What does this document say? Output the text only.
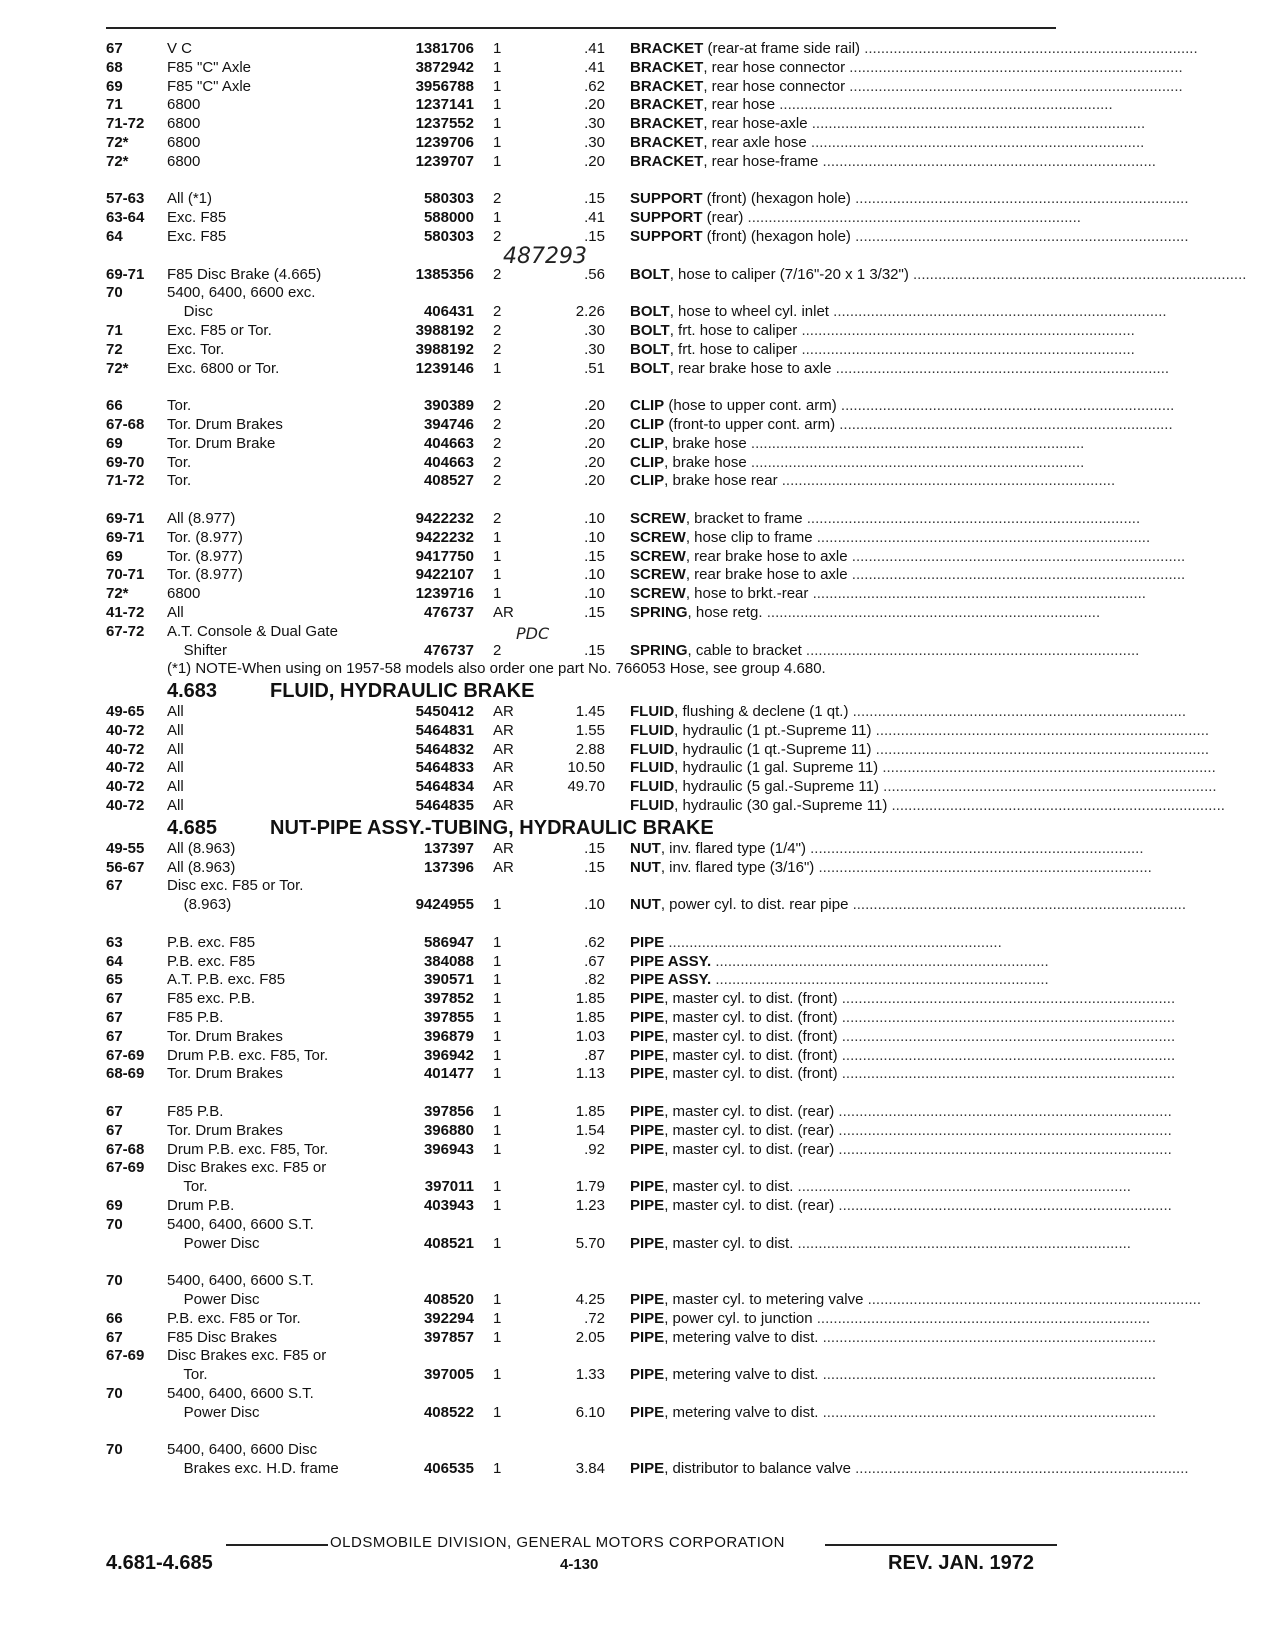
67	V C	1381706 1	.41 BRACKET (rear-at frame side rail) ................................................................................
68	F85 "C" Axle	3872942 1	.41 BRACKET, rear hose connector ................................................................................
69	F85 "C" Axle	3956788 1	.62 BRACKET, rear hose connector ................................................................................
71	6800	1237141 1	.20 BRACKET, rear hose ................................................................................
71-72 6800	1237552 1	.30 BRACKET, rear hose-axle ................................................................................
72*	6800	1239706 1	.30 BRACKET, rear axle hose ................................................................................
72*	6800	1239707 1	.20 BRACKET, rear hose-frame ................................................................................
57-63 All (*1)	580303 2	.15 SUPPORT (front) (hexagon hole) ................................................................................
63-64 Exc. F85	588000 1	.41 SUPPORT (rear) ................................................................................
64	Exc. F85	580303 2	.15 SUPPORT (front) (hexagon hole) ................................................................................
69-71 F85 Disc Brake (4.665)	1385356 2	.56 BOLT, hose to caliper (7/16"-20 x 1 3/32") ................................................................................
70	5400, 6400, 6600 exc.
Disc	406431 2	2.26 BOLT, hose to wheel cyl. inlet ................................................................................
71	Exc. F85 or Tor.	3988192 2	.30 BOLT, frt. hose to caliper ................................................................................
72	Exc. Tor.	3988192 2	.30 BOLT, frt. hose to caliper ................................................................................
72*	Exc. 6800 or Tor.	1239146 1	.51 BOLT, rear brake hose to axle ................................................................................
66	Tor.	390389 2	.20 CLIP (hose to upper cont. arm) ................................................................................
67-68 Tor. Drum Brakes	394746 2	.20 CLIP (front-to upper cont. arm) ................................................................................
69	Tor. Drum Brake	404663 2	.20 CLIP, brake hose ................................................................................
69-70 Tor.	404663 2	.20 CLIP, brake hose ................................................................................
71-72 Tor.	408527 2	.20 CLIP, brake hose rear ................................................................................
69-71 All (8.977)	9422232 2	.10 SCREW, bracket to frame ................................................................................
69-71 Tor. (8.977)	9422232 1	.10 SCREW, hose clip to frame ................................................................................
69	Tor. (8.977)	9417750 1	.15 SCREW, rear brake hose to axle ................................................................................
70-71 Tor. (8.977)	9422107 1	.10 SCREW, rear brake hose to axle ................................................................................
72*	6800	1239716 1	.10 SCREW, hose to brkt.-rear ................................................................................
41-72 All	476737 AR	.15 SPRING, hose retg. ................................................................................
67-72 A.T. Console & Dual Gate
Shifter	476737 2	.15 SPRING, cable to bracket ................................................................................
(*1) NOTE-When using on 1957-58 models also order one part No. 766053 Hose, see group 4.680.
4.683	FLUID, HYDRAULIC BRAKE
49-65 All	5450412 AR	1.45 FLUID, flushing & declene (1 qt.) ................................................................................
40-72 All	5464831 AR	1.55 FLUID, hydraulic (1 pt.-Supreme 11) ................................................................................
40-72 All	5464832 AR	2.88 FLUID, hydraulic (1 qt.-Supreme 11) ................................................................................
40-72 All	5464833 AR	10.50 FLUID, hydraulic (1 gal. Supreme 11) ................................................................................
40-72 All	5464834 AR	49.70 FLUID, hydraulic (5 gal.-Supreme 11) ................................................................................
40-72 All	5464835 AR	FLUID, hydraulic (30 gal.-Supreme 11) ................................................................................
4.685	NUT-PIPE ASSY.-TUBING, HYDRAULIC BRAKE
49-55 All (8.963)	137397 AR	.15 NUT, inv. flared type (1/4") ................................................................................
56-67 All (8.963)	137396 AR	.15 NUT, inv. flared type (3/16") ................................................................................
67	Disc exc. F85 or Tor.
(8.963)	9424955 1	.10 NUT, power cyl. to dist. rear pipe ................................................................................
63	P.B. exc. F85	586947 1	.62 PIPE ................................................................................
64	P.B. exc. F85	384088 1	.67 PIPE ASSY. ................................................................................
65	A.T. P.B. exc. F85	390571 1	.82 PIPE ASSY. ................................................................................
67	F85 exc. P.B.	397852 1	1.85 PIPE, master cyl. to dist. (front) ................................................................................
67	F85 P.B.	397855 1	1.85 PIPE, master cyl. to dist. (front) ................................................................................
67	Tor. Drum Brakes	396879 1	1.03 PIPE, master cyl. to dist. (front) ................................................................................
67-69 Drum P.B. exc. F85, Tor.	396942 1	.87 PIPE, master cyl. to dist. (front) ................................................................................
68-69 Tor. Drum Brakes	401477 1	1.13 PIPE, master cyl. to dist. (front) ................................................................................
67	F85 P.B.	397856 1	1.85 PIPE, master cyl. to dist. (rear) ................................................................................
67	Tor. Drum Brakes	396880 1	1.54 PIPE, master cyl. to dist. (rear) ................................................................................
67-68 Drum P.B. exc. F85, Tor.	396943 1	.92 PIPE, master cyl. to dist. (rear) ................................................................................
67-69 Disc Brakes exc. F85 or
Tor.	397011 1	1.79 PIPE, master cyl. to dist. ................................................................................
69	Drum P.B.	403943 1	1.23 PIPE, master cyl. to dist. (rear) ................................................................................
70	5400, 6400, 6600 S.T.
Power Disc	408521 1	5.70 PIPE, master cyl. to dist. ................................................................................
70	5400, 6400, 6600 S.T.
Power Disc	408520 1	4.25 PIPE, master cyl. to metering valve ................................................................................
66	P.B. exc. F85 or Tor.	392294 1	.72 PIPE, power cyl. to junction ................................................................................
67	F85 Disc Brakes	397857 1	2.05 PIPE, metering valve to dist. ................................................................................
67-69 Disc Brakes exc. F85 or
Tor.	397005 1	1.33 PIPE, metering valve to dist. ................................................................................
70	5400, 6400, 6600 S.T.
Power Disc	408522 1	6.10 PIPE, metering valve to dist. ................................................................................
70	5400, 6400, 6600 Disc
Brakes exc. H.D. frame	406535 1	3.84 PIPE, distributor to balance valve ................................................................................
487293
PDC
OLDSMOBILE DIVISION, GENERAL MOTORS CORPORATION
4.681-4.685	4-130	REV. JAN. 1972
